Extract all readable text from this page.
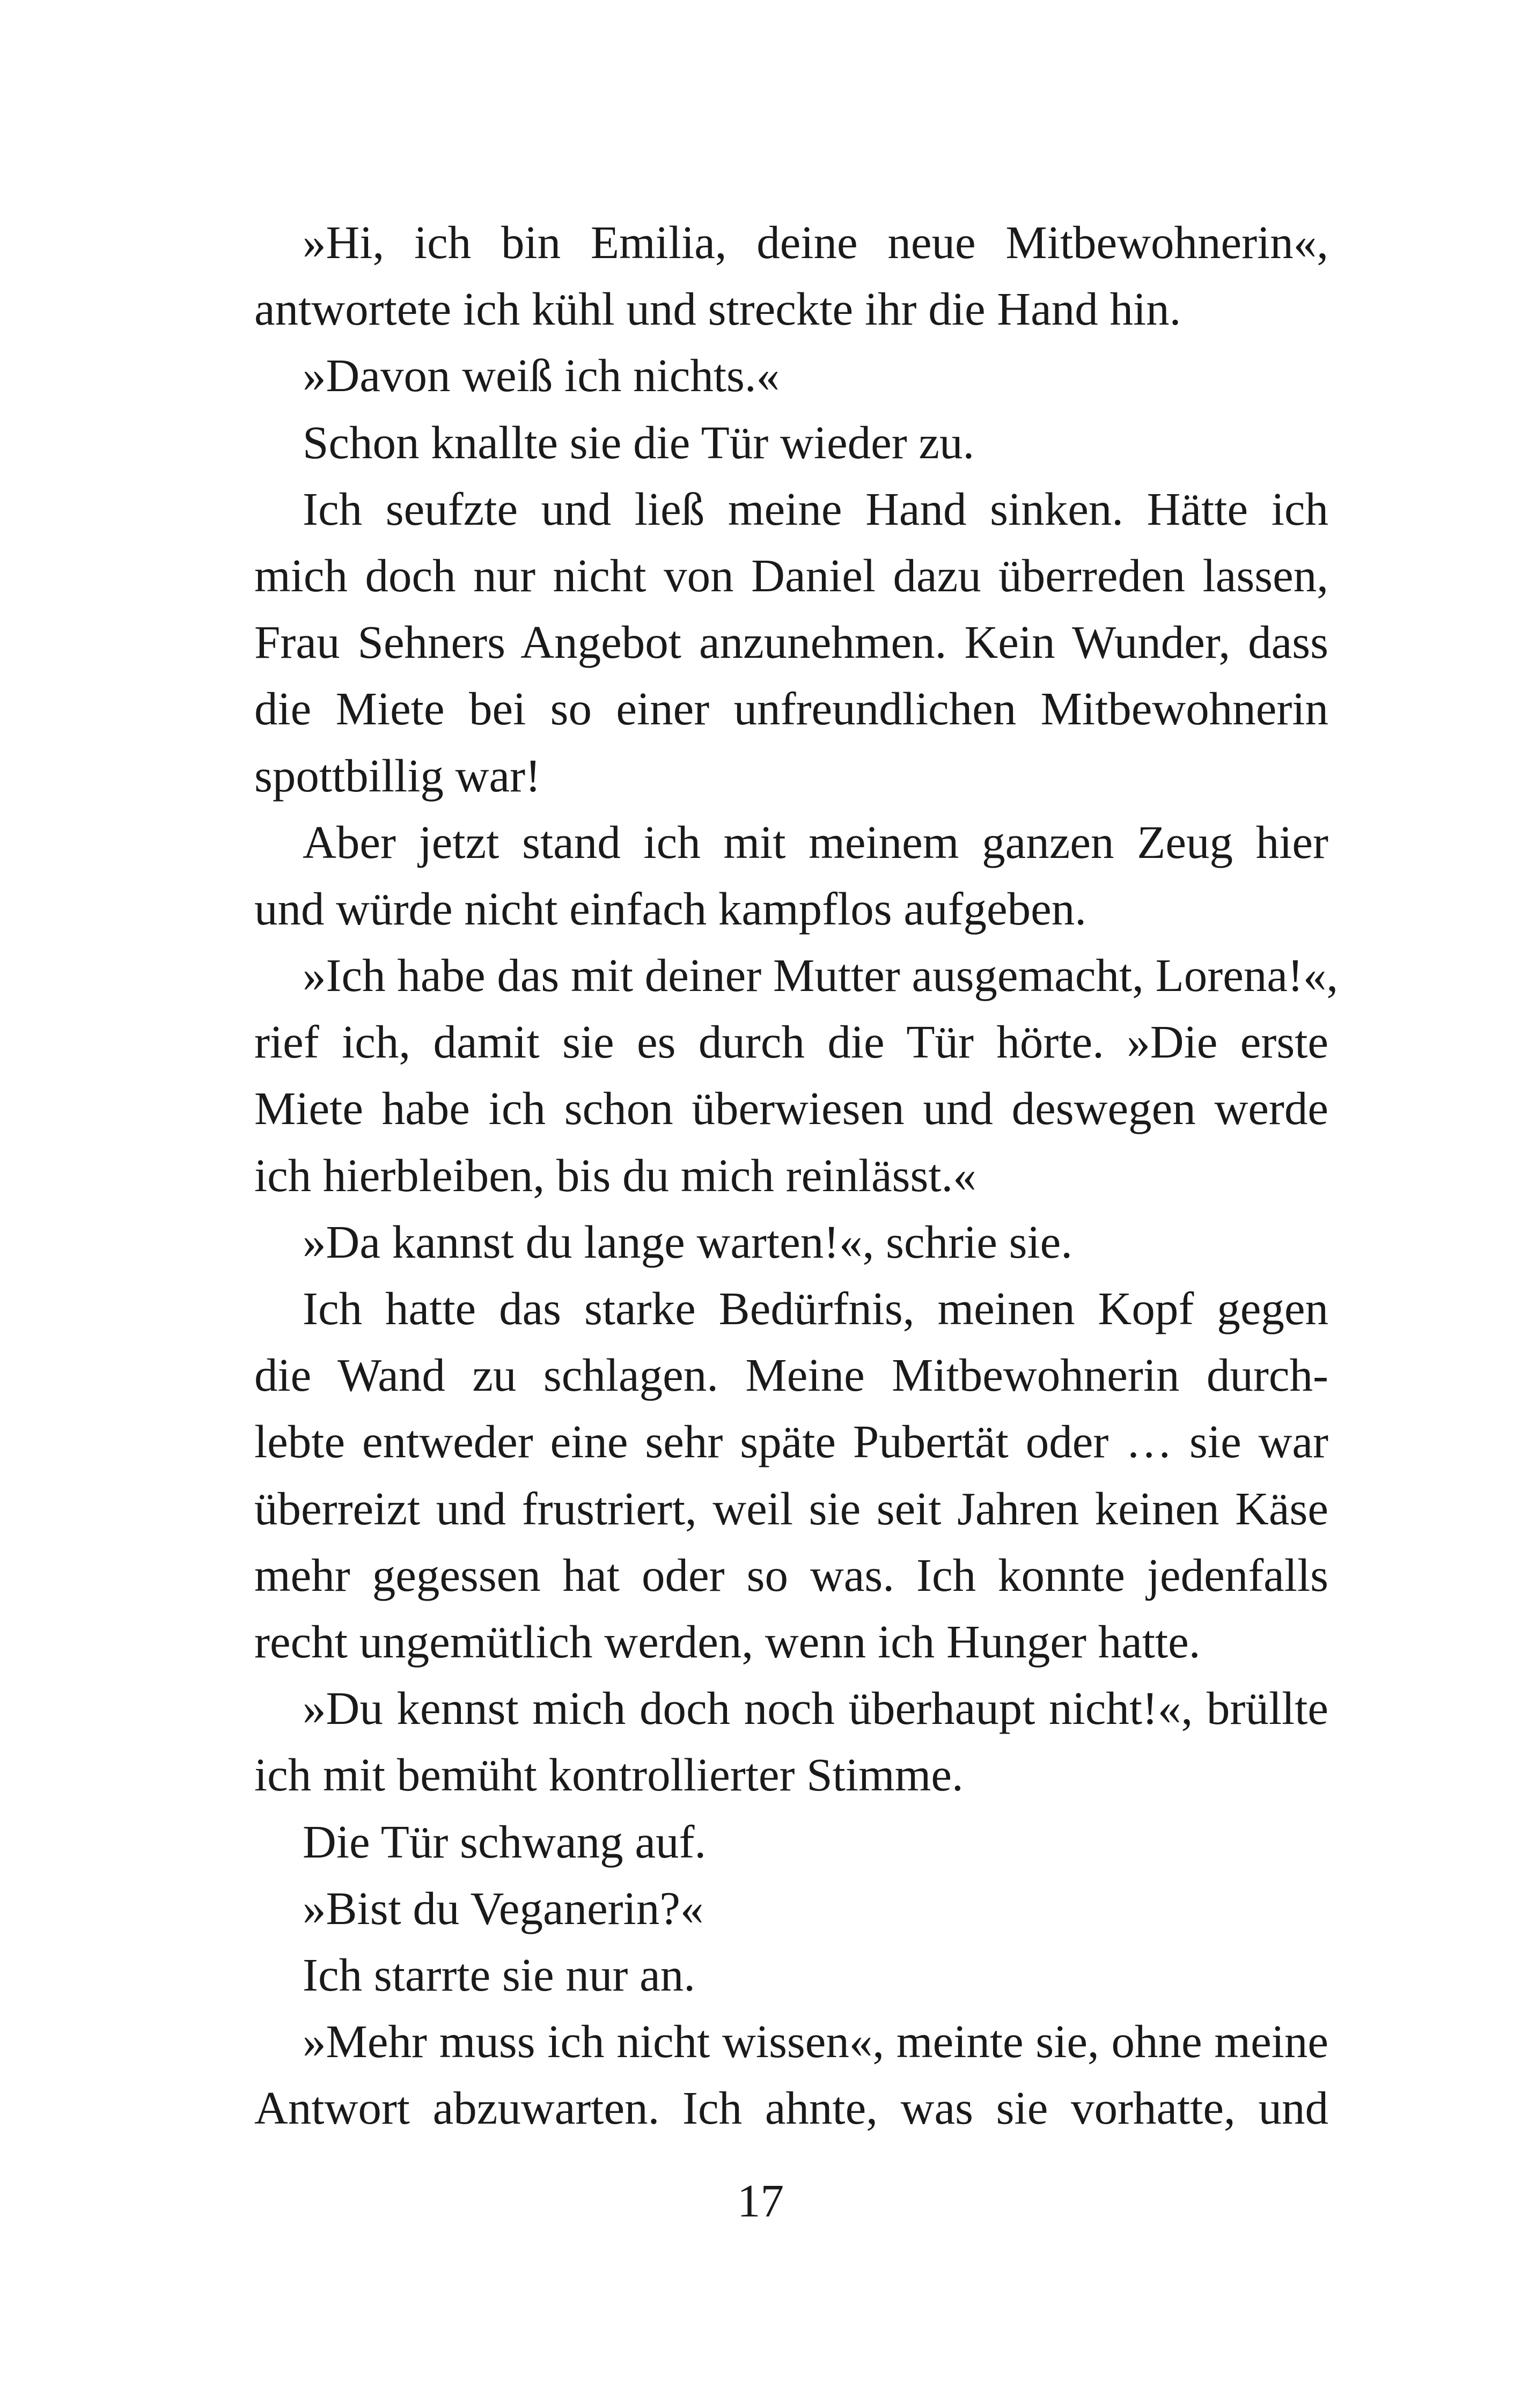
»Hi, ich bin Emilia, deine neue Mitbewohnerin«,
antwortete ich kühl und streckte ihr die Hand hin.
»Davon weiß ich nichts.«
Schon knallte sie die Tür wieder zu.
Ich seufzte und ließ meine Hand sinken. Hätte ich
mich doch nur nicht von Daniel dazu überreden lassen,
Frau Sehners Angebot anzunehmen. Kein Wunder, dass
die Miete bei so einer unfreundlichen Mitbewohnerin
spottbillig war!
Aber jetzt stand ich mit meinem ganzen Zeug hier
und würde nicht einfach kampflos aufgeben.
»Ich habe das mit deiner Mutter ausgemacht, Lorena!«,
rief ich, damit sie es durch die Tür hörte. »Die erste
Miete habe ich schon überwiesen und deswegen werde
ich hierbleiben, bis du mich reinlässt.«
»Da kannst du lange warten!«, schrie sie.
Ich hatte das starke Bedürfnis, meinen Kopf gegen
die Wand zu schlagen. Meine Mitbewohnerin durch-
lebte entweder eine sehr späte Pubertät oder … sie war
überreizt und frustriert, weil sie seit Jahren keinen Käse
mehr gegessen hat oder so was. Ich konnte jedenfalls
recht ungemütlich werden, wenn ich Hunger hatte.
»Du kennst mich doch noch überhaupt nicht!«, brüllte
ich mit bemüht kontrollierter Stimme.
Die Tür schwang auf.
»Bist du Veganerin?«
Ich starrte sie nur an.
»Mehr muss ich nicht wissen«, meinte sie, ohne meine
Antwort abzuwarten. Ich ahnte, was sie vorhatte, und
17
